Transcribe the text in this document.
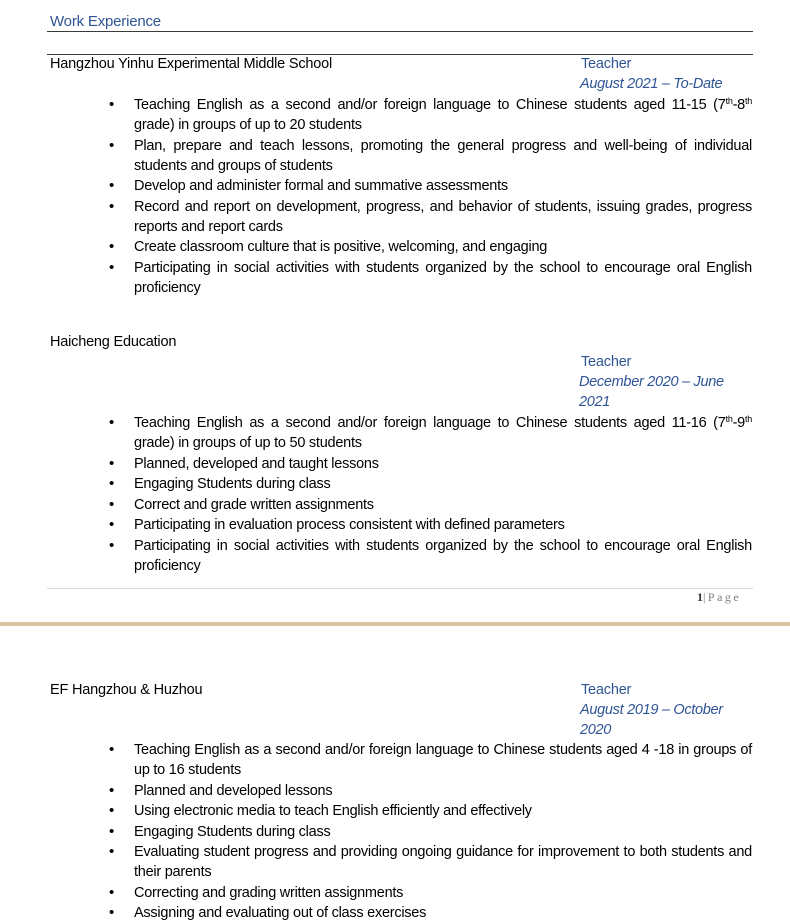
Work Experience
Hangzhou Yinhu Experimental Middle School	Teacher
August 2021 – To-Date
• Teaching English as a second and/or foreign language to Chinese students aged 11-15 (7th-8th grade) in groups of up to 20 students
• Plan, prepare and teach lessons, promoting the general progress and well-being of individual students and groups of students
• Develop and administer formal and summative assessments
• Record and report on development, progress, and behavior of students, issuing grades, progress reports and report cards
• Create classroom culture that is positive, welcoming, and engaging
• Participating in social activities with students organized by the school to encourage oral English proficiency
Haicheng Education
Teacher
December 2020 – June 2021
• Teaching English as a second and/or foreign language to Chinese students aged 11-16 (7th-9th grade) in groups of up to 50 students
• Planned, developed and taught lessons
• Engaging Students during class
• Correct and grade written assignments
• Participating in evaluation process consistent with defined parameters
• Participating in social activities with students organized by the school to encourage oral English proficiency
1|Page
EF Hangzhou & Huzhou	Teacher
August 2019 – October 2020
• Teaching English as a second and/or foreign language to Chinese students aged 4 -18 in groups of up to 16 students
• Planned and developed lessons
• Using electronic media to teach English efficiently and effectively
• Engaging Students during class
• Evaluating student progress and providing ongoing guidance for improvement to both students and their parents
• Correcting and grading written assignments
• Assigning and evaluating out of class exercises
